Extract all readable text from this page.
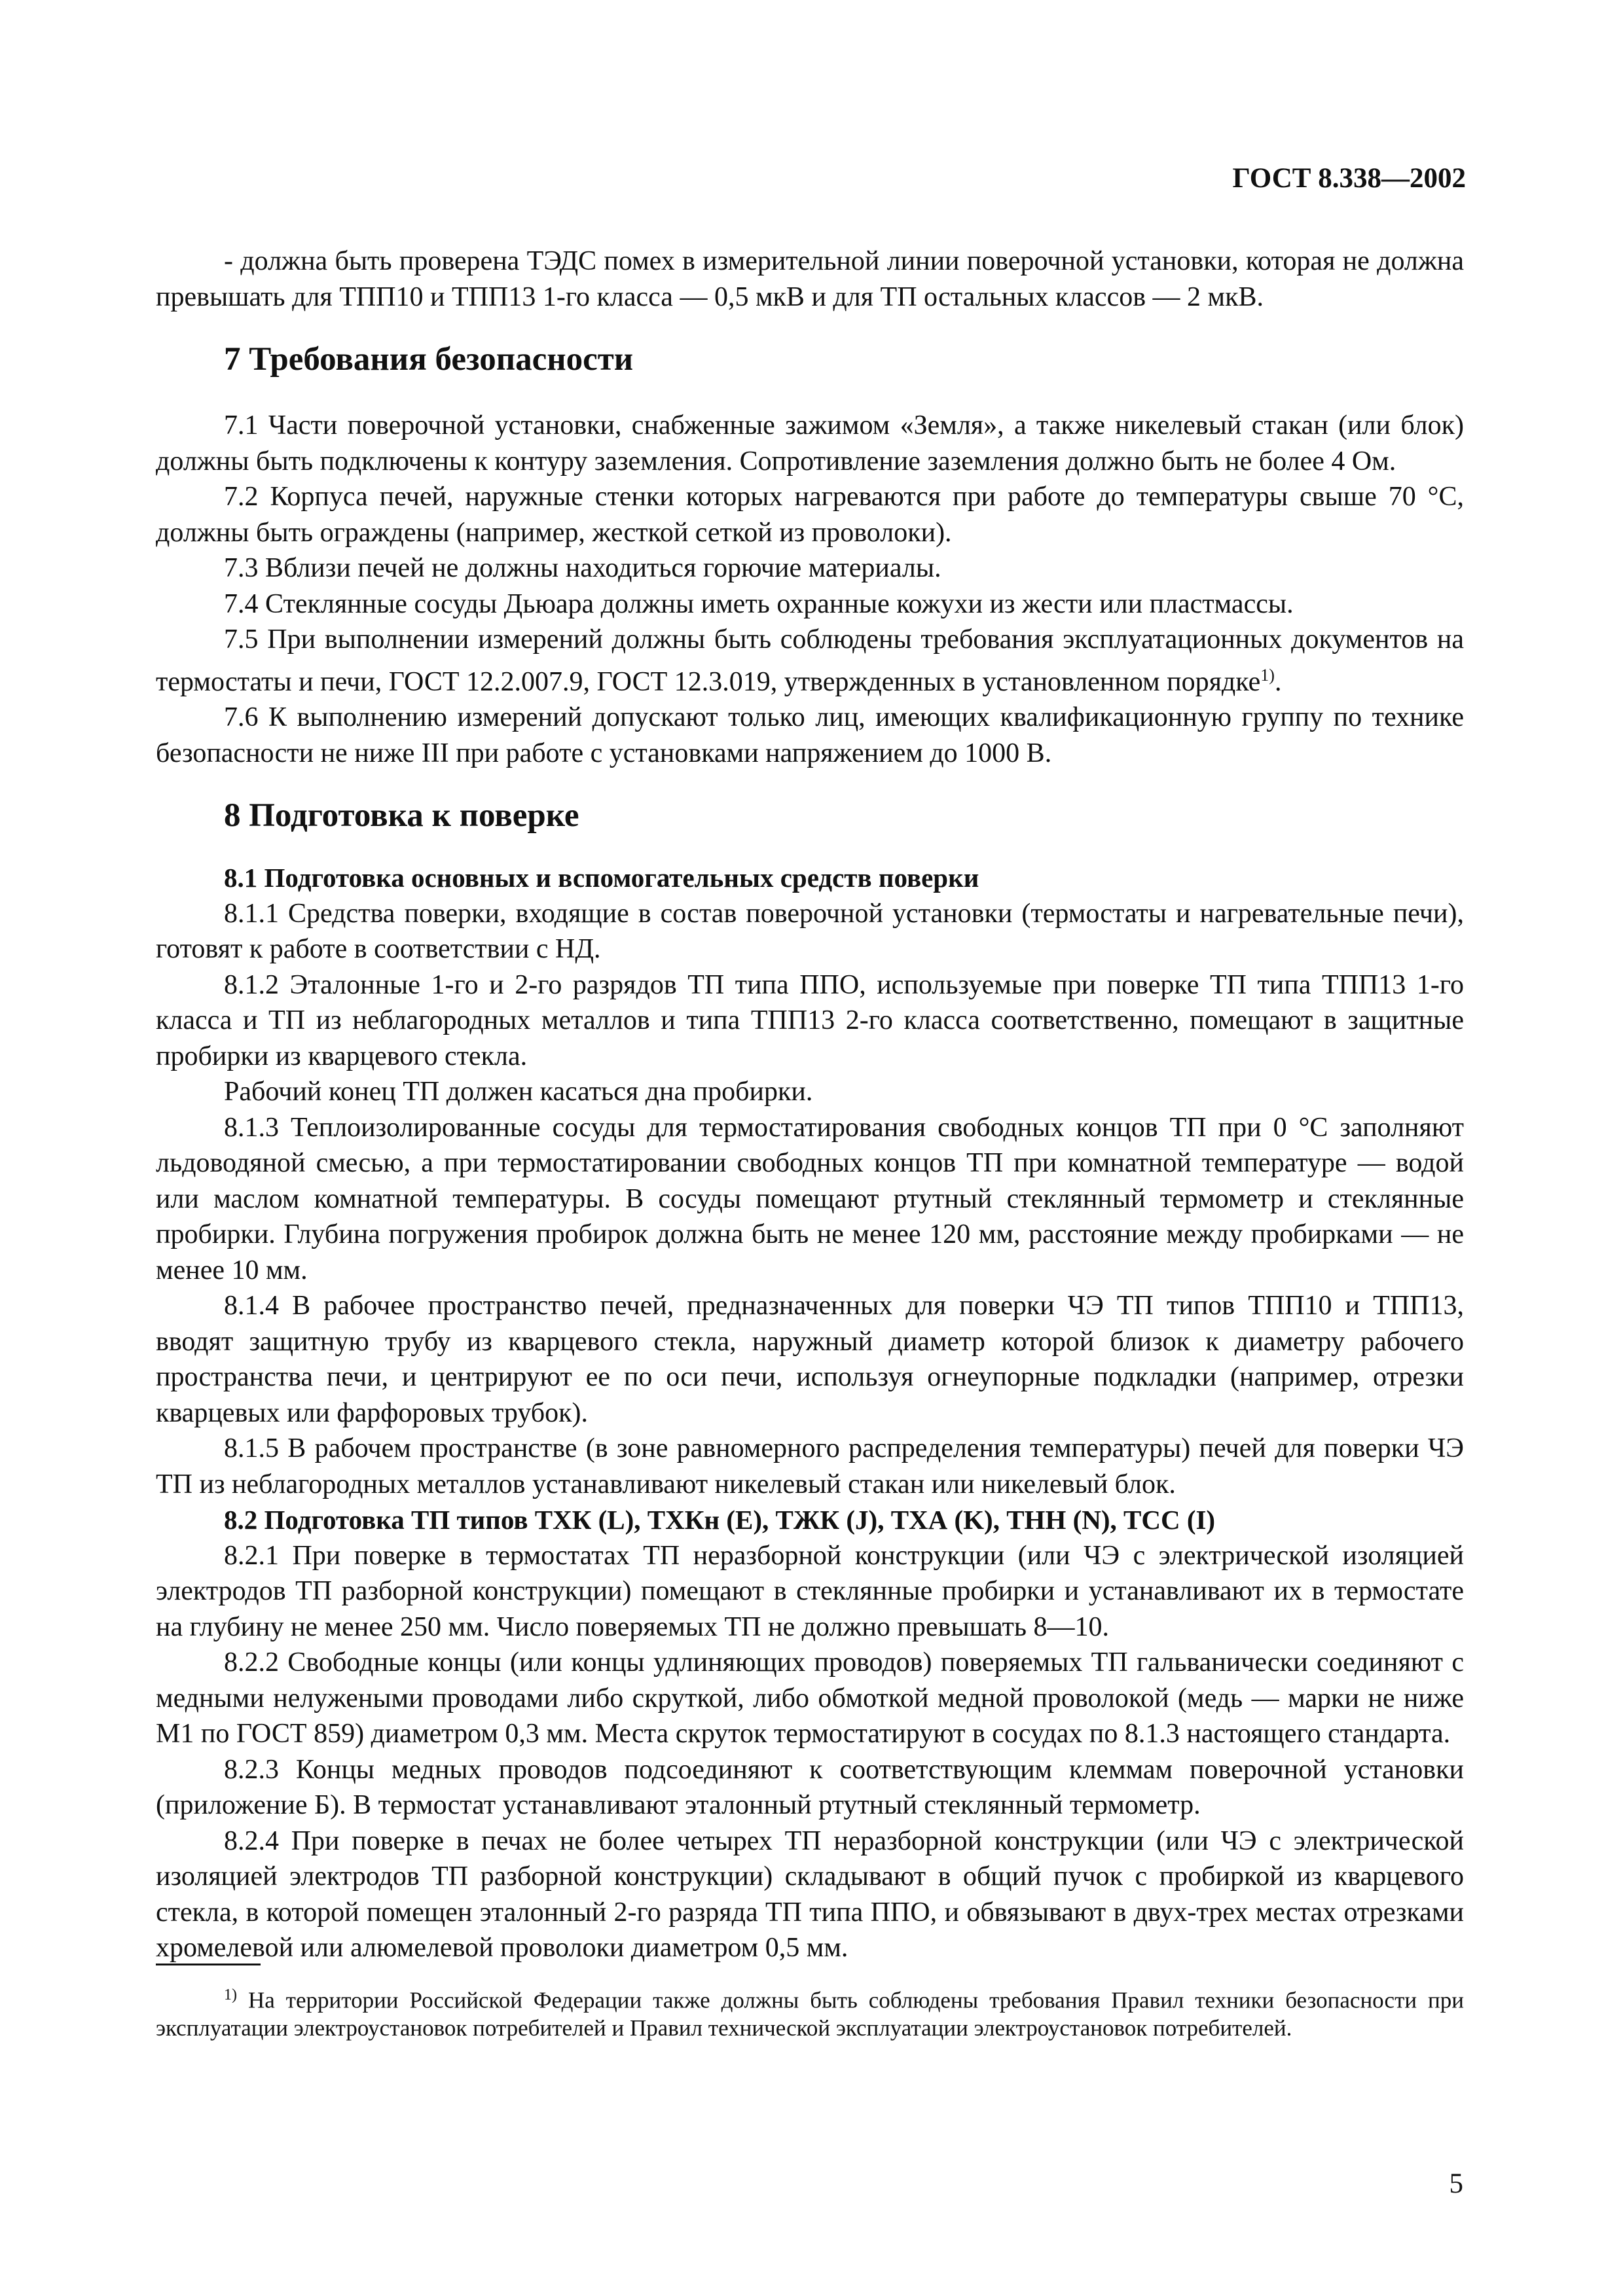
ГОСТ 8.338—2002

- должна быть проверена ТЭДС помех в измерительной линии поверочной установки, которая не должна превышать для ТПП10 и ТПП13 1-го класса — 0,5 мкВ и для ТП остальных классов — 2 мкВ.

7 Требования безопасности

7.1 Части поверочной установки, снабженные зажимом «Земля», а также никелевый стакан (или блок) должны быть подключены к контуру заземления. Сопротивление заземления должно быть не более 4 Ом.

7.2 Корпуса печей, наружные стенки которых нагреваются при работе до температуры свыше 70 °С, должны быть ограждены (например, жесткой сеткой из проволоки).

7.3 Вблизи печей не должны находиться горючие материалы.

7.4 Стеклянные сосуды Дьюара должны иметь охранные кожухи из жести или пластмассы.

7.5 При выполнении измерений должны быть соблюдены требования эксплуатационных документов на термостаты и печи, ГОСТ 12.2.007.9, ГОСТ 12.3.019, утвержденных в установленном порядке$^{1)}$.

7.6 К выполнению измерений допускают только лиц, имеющих квалификационную группу по технике безопасности не ниже III при работе с установками напряжением до 1000 В.

8 Подготовка к поверке

8.1 Подготовка основных и вспомогательных средств поверки

8.1.1 Средства поверки, входящие в состав поверочной установки (термостаты и нагревательные печи), готовят к работе в соответствии с НД.

8.1.2 Эталонные 1-го и 2-го разрядов ТП типа ППО, используемые при поверке ТП типа ТПП13 1-го класса и ТП из неблагородных металлов и типа ТПП13 2-го класса соответственно, помещают в защитные пробирки из кварцевого стекла.

Рабочий конец ТП должен касаться дна пробирки.

8.1.3 Теплоизолированные сосуды для термостатирования свободных концов ТП при 0 °С заполняют льдоводяной смесью, а при термостатировании свободных концов ТП при комнатной температуре — водой или маслом комнатной температуры. В сосуды помещают ртутный стеклянный термометр и стеклянные пробирки. Глубина погружения пробирок должна быть не менее 120 мм, расстояние между пробирками — не менее 10 мм.

8.1.4 В рабочее пространство печей, предназначенных для поверки ЧЭ ТП типов ТПП10 и ТПП13, вводят защитную трубу из кварцевого стекла, наружный диаметр которой близок к диаметру рабочего пространства печи, и центрируют ее по оси печи, используя огнеупорные подкладки (например, отрезки кварцевых или фарфоровых трубок).

8.1.5 В рабочем пространстве (в зоне равномерного распределения температуры) печей для поверки ЧЭ ТП из неблагородных металлов устанавливают никелевый стакан или никелевый блок.

8.2 Подготовка ТП типов ТХК (L), ТХКн (E), ТЖК (J), ТХА (K), ТНН (N), ТСС (I)

8.2.1 При поверке в термостатах ТП неразборной конструкции (или ЧЭ с электрической изоляцией электродов ТП разборной конструкции) помещают в стеклянные пробирки и устанавливают их в термостате на глубину не менее 250 мм. Число поверяемых ТП не должно превышать 8—10.

8.2.2 Свободные концы (или концы удлиняющих проводов) поверяемых ТП гальванически соединяют с медными нелужеными проводами либо скруткой, либо обмоткой медной проволокой (медь — марки не ниже М1 по ГОСТ 859) диаметром 0,3 мм. Места скруток термостатируют в сосудах по 8.1.3 настоящего стандарта.

8.2.3 Концы медных проводов подсоединяют к соответствующим клеммам поверочной установки (приложение Б). В термостат устанавливают эталонный ртутный стеклянный термометр.

8.2.4 При поверке в печах не более четырех ТП неразборной конструкции (или ЧЭ с электрической изоляцией электродов ТП разборной конструкции) складывают в общий пучок с пробиркой из кварцевого стекла, в которой помещен эталонный 2-го разряда ТП типа ППО, и обвязывают в двух-трех местах отрезками хромелевой или алюмелевой проволоки диаметром 0,5 мм.

$^{1)}$ На территории Российской Федерации также должны быть соблюдены требования Правил техники безопасности при эксплуатации электроустановок потребителей и Правил технической эксплуатации электроустановок потребителей.
5
